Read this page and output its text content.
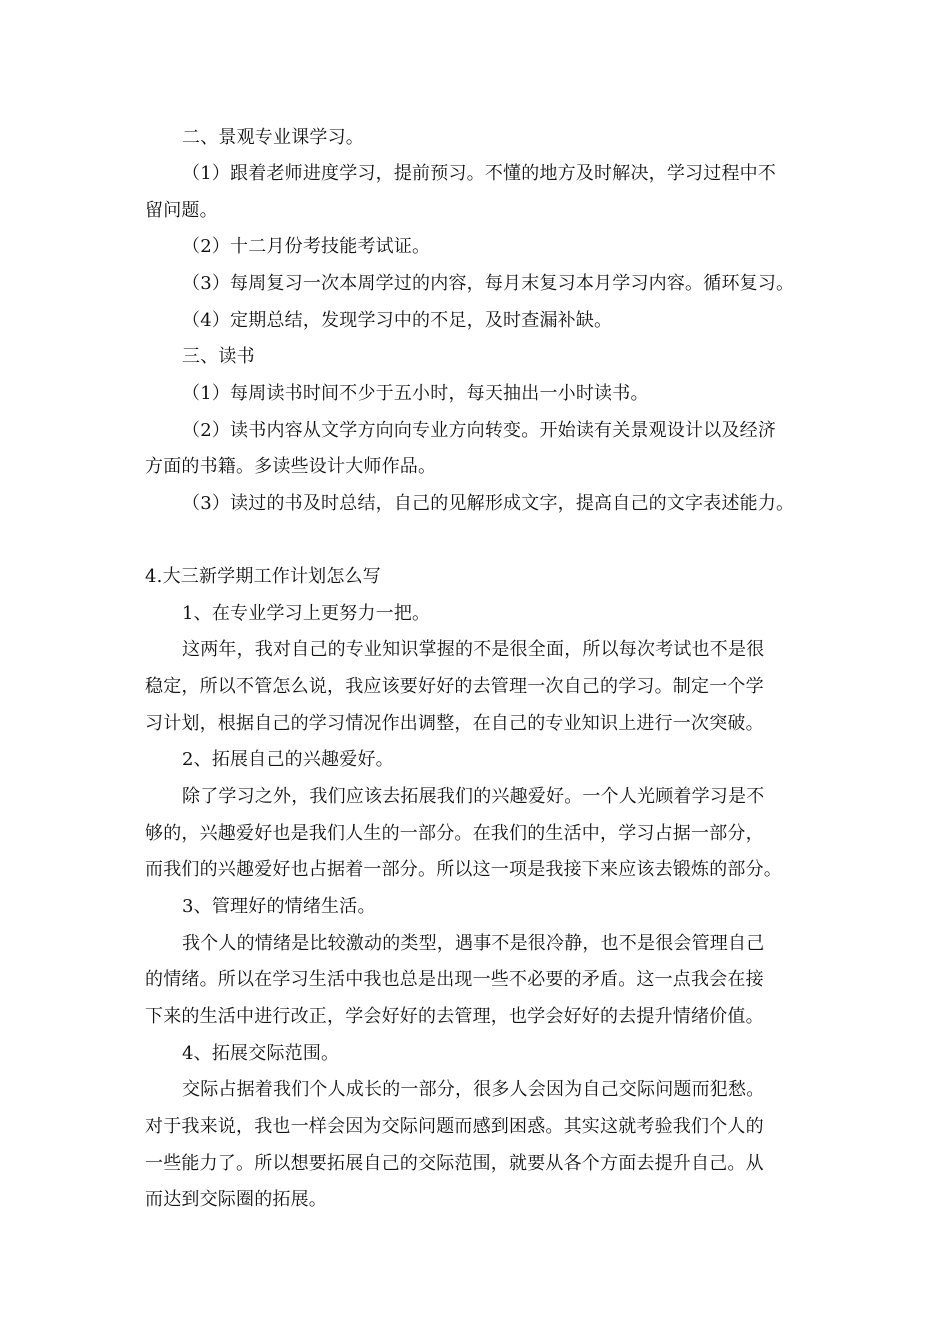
二、景观专业课学习。
（1）跟着老师进度学习，提前预习。不懂的地方及时解决，学习过程中不
留问题。
（2）十二月份考技能考试证。
（3）每周复习一次本周学过的内容，每月末复习本月学习内容。循环复习。
（4）定期总结，发现学习中的不足，及时查漏补缺。
三、读书
（1）每周读书时间不少于五小时，每天抽出一小时读书。
（2）读书内容从文学方向向专业方向转变。开始读有关景观设计以及经济
方面的书籍。多读些设计大师作品。
（3）读过的书及时总结，自己的见解形成文字，提高自己的文字表述能力。
4.大三新学期工作计划怎么写
1、在专业学习上更努力一把。
这两年，我对自己的专业知识掌握的不是很全面，所以每次考试也不是很
稳定，所以不管怎么说，我应该要好好的去管理一次自己的学习。制定一个学
习计划，根据自己的学习情况作出调整，在自己的专业知识上进行一次突破。
2、拓展自己的兴趣爱好。
除了学习之外，我们应该去拓展我们的兴趣爱好。一个人光顾着学习是不
够的，兴趣爱好也是我们人生的一部分。在我们的生活中，学习占据一部分，
而我们的兴趣爱好也占据着一部分。所以这一项是我接下来应该去锻炼的部分。
3、管理好的情绪生活。
我个人的情绪是比较激动的类型，遇事不是很冷静，也不是很会管理自己
的情绪。所以在学习生活中我也总是出现一些不必要的矛盾。这一点我会在接
下来的生活中进行改正，学会好好的去管理，也学会好好的去提升情绪价值。
4、拓展交际范围。
交际占据着我们个人成长的一部分，很多人会因为自己交际问题而犯愁。
对于我来说，我也一样会因为交际问题而感到困惑。其实这就考验我们个人的
一些能力了。所以想要拓展自己的交际范围，就要从各个方面去提升自己。从
而达到交际圈的拓展。
